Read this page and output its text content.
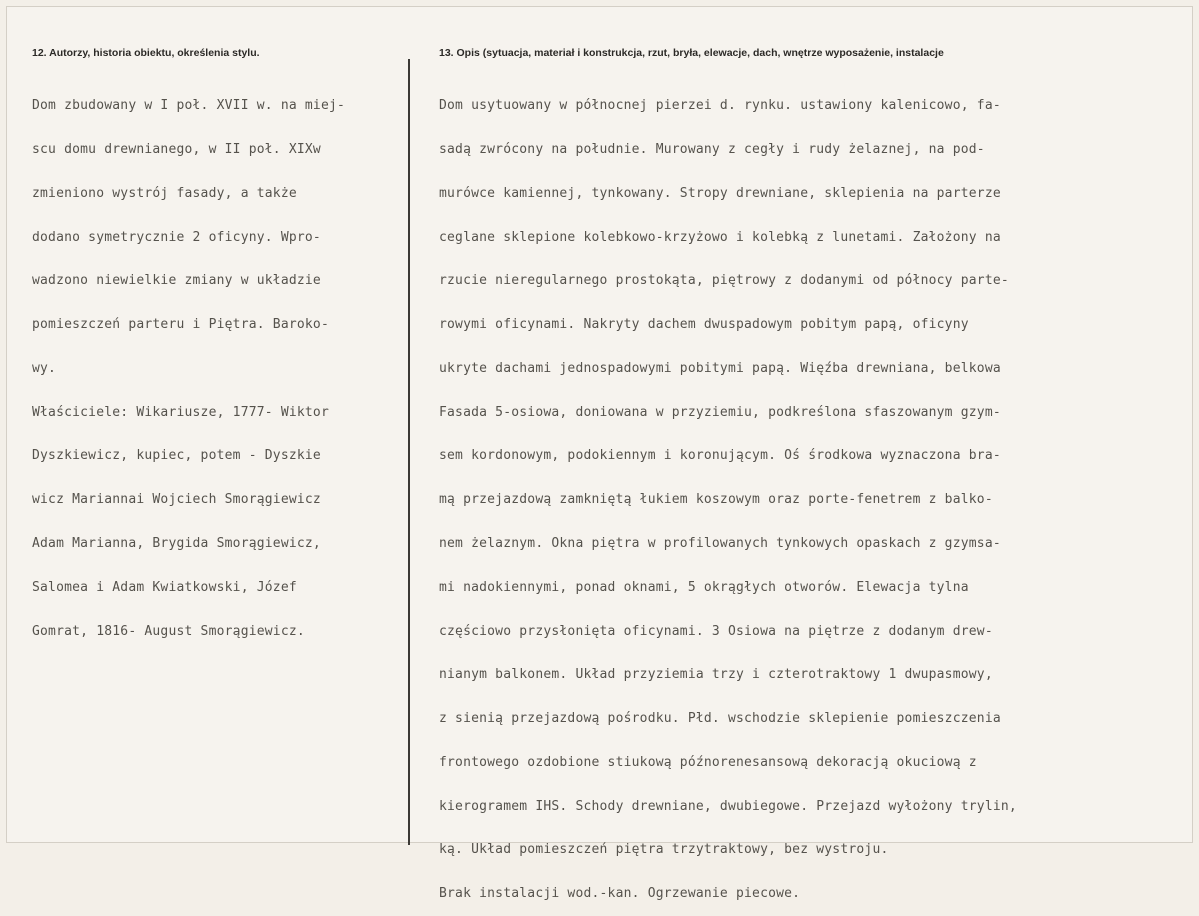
12. Autorzy, historia obiektu, określenia stylu.	13. Opis (sytuacja, materiał i konstrukcja, rzut, bryła, elewacje, dach, wnętrze wyposażenie, instalacje

Dom zbudowany w I poł. XVII w. na miej-

scu domu drewnianego, w II poł. XIXw

zmieniono wystrój fasady, a także

dodano symetrycznie 2 oficyny. Wpro-

wadzono niewielkie zmiany w układzie

pomieszczeń parteru i Piętra. Baroko-

wy.

Właściciele: Wikariusze, 1777- Wiktor

Dyszkiewicz, kupiec, potem - Dyszkie

wicz Mariannai Wojciech Smorągiewicz

Adam Marianna, Brygida Smorągiewicz,

Salomea i Adam Kwiatkowski, Józef

Gomrat, 1816- August Smorągiewicz.

Dom usytuowany w północnej pierzei d. rynku. ustawiony kalenicowo, fa-

sadą zwrócony na południe. Murowany z cegły i rudy żelaznej, na pod-

murówce kamiennej, tynkowany. Stropy drewniane, sklepienia na parterze

ceglane sklepione kolebkowo-krzyżowo i kolebką z lunetami. Założony na

rzucie nieregularnego prostokąta, piętrowy z dodanymi od północy parte-

rowymi oficynami. Nakryty dachem dwuspadowym pobitym papą, oficyny

ukryte dachami jednospadowymi pobitymi papą. Więźba drewniana, belkowa

Fasada 5-osiowa, doniowana w przyziemiu, podkreślona sfaszowanym gzym-

sem kordonowym, podokiennym i koronującym. Oś środkowa wyznaczona bra-

mą przejazdową zamkniętą łukiem koszowym oraz porte-fenetrem z balko-

nem żelaznym. Okna piętra w profilowanych tynkowych opaskach z gzymsa-

mi nadokiennymi, ponad oknami, 5 okrągłych otworów. Elewacja tylna

częściowo przysłonięta oficynami. 3 Osiowa na piętrze z dodanym drew-

nianym balkonem. Układ przyziemia trzy i czterotraktowy 1 dwupasmowy,

z sienią przejazdową pośrodku. Płd. wschodzie sklepienie pomieszczenia

frontowego ozdobione stiukową późnorenesansową dekoracją okuciową z

kierogramem IHS. Schody drewniane, dwubiegowe. Przejazd wyłożony trylin,

ką. Układ pomieszczeń piętra trzytraktowy, bez wystroju.

Brak instalacji wod.-kan. Ogrzewanie piecowe.
